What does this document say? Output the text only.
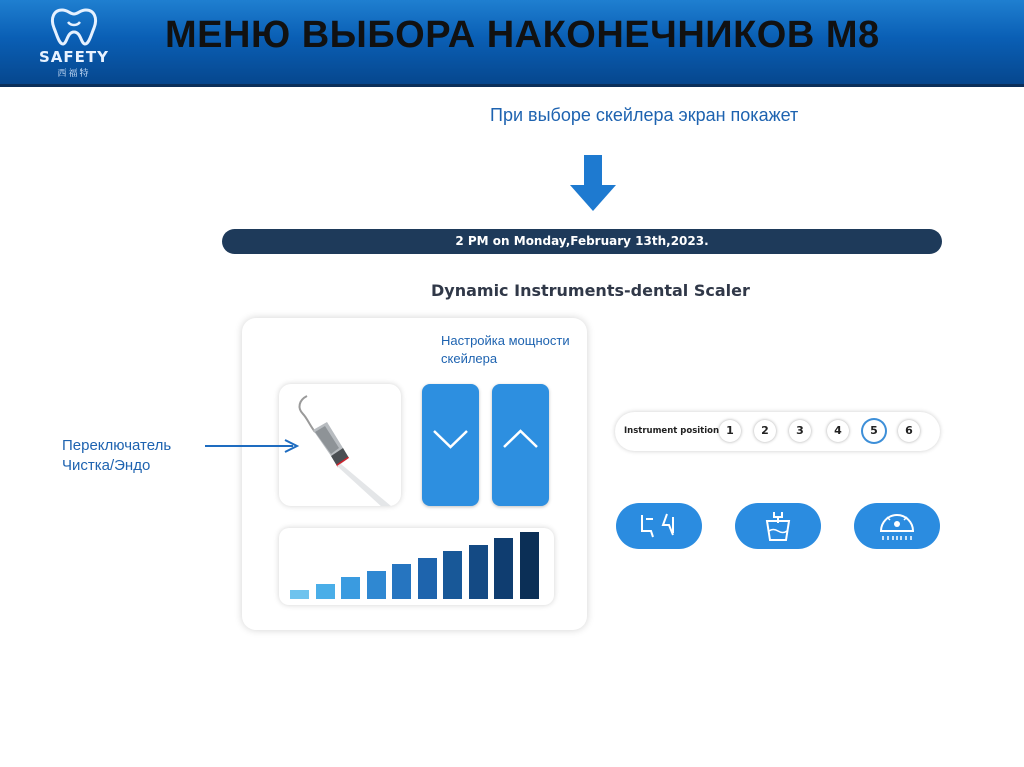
SAFETY
西福特
МЕНЮ ВЫБОРА НАКОНЕЧНИКОВ M8
При выборе скейлера экран покажет
2 PM on Monday,February 13th,2023.
Dynamic Instruments-dental Scaler
Переключатель Чистка/Эндо
Настройка мощности скейлера
Instrument position 1	2	3	4	5	6
